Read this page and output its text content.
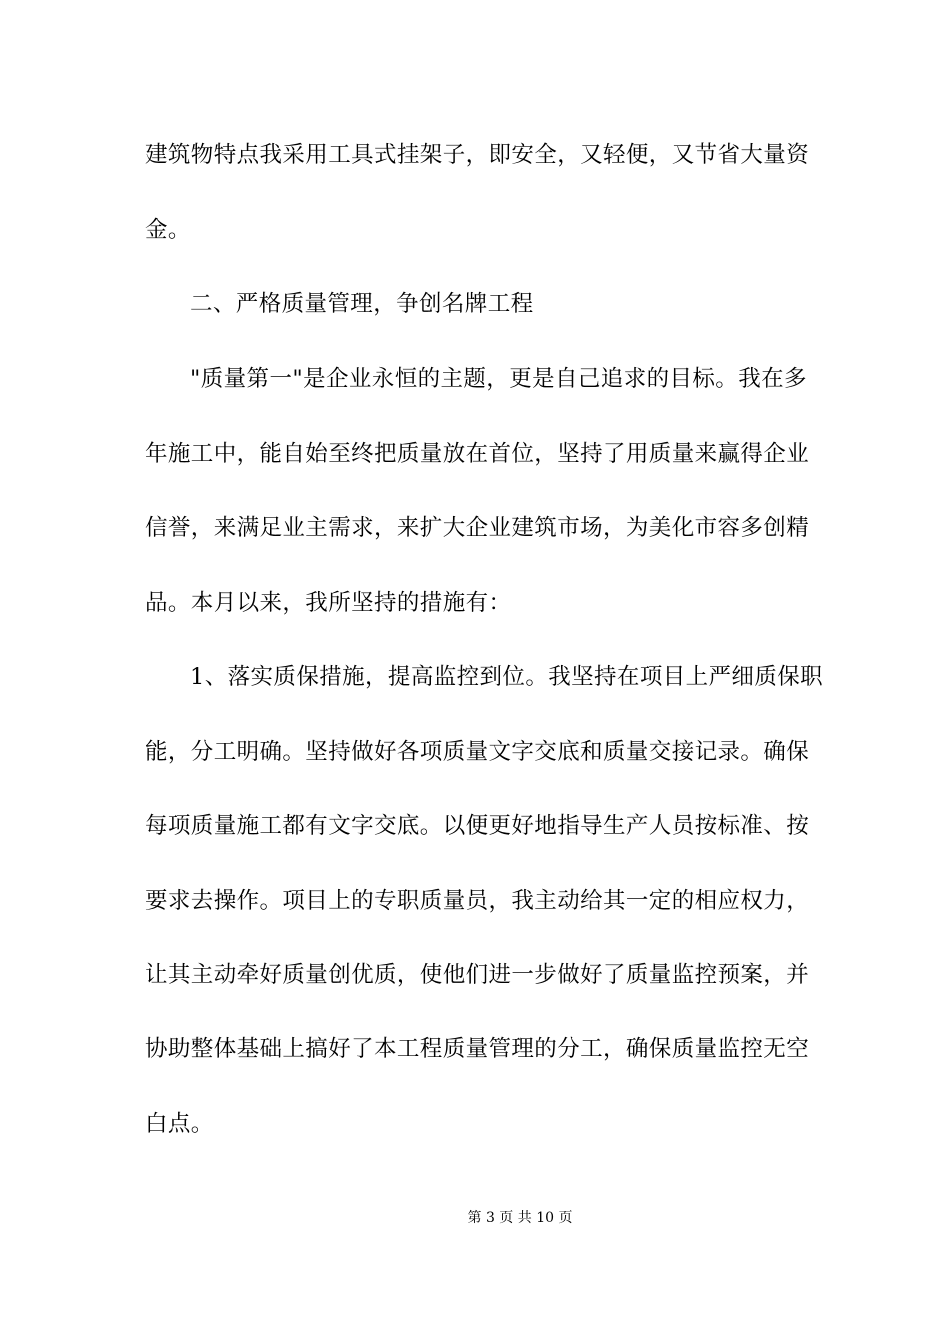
建筑物特点我采用工具式挂架子，即安全，又轻便，又节省大量资
金。
二、严格质量管理，争创名牌工程
"质量第一"是企业永恒的主题，更是自己追求的目标。我在多
年施工中，能自始至终把质量放在首位，坚持了用质量来赢得企业
信誉，来满足业主需求，来扩大企业建筑市场，为美化市容多创精
品。本月以来，我所坚持的措施有：
1、落实质保措施，提高监控到位。我坚持在项目上严细质保职
能，分工明确。坚持做好各项质量文字交底和质量交接记录。确保
每项质量施工都有文字交底。以便更好地指导生产人员按标准、按
要求去操作。项目上的专职质量员，我主动给其一定的相应权力，
让其主动牵好质量创优质，使他们进一步做好了质量监控预案，并
协助整体基础上搞好了本工程质量管理的分工，确保质量监控无空
白点。
第 3 页 共 10 页
